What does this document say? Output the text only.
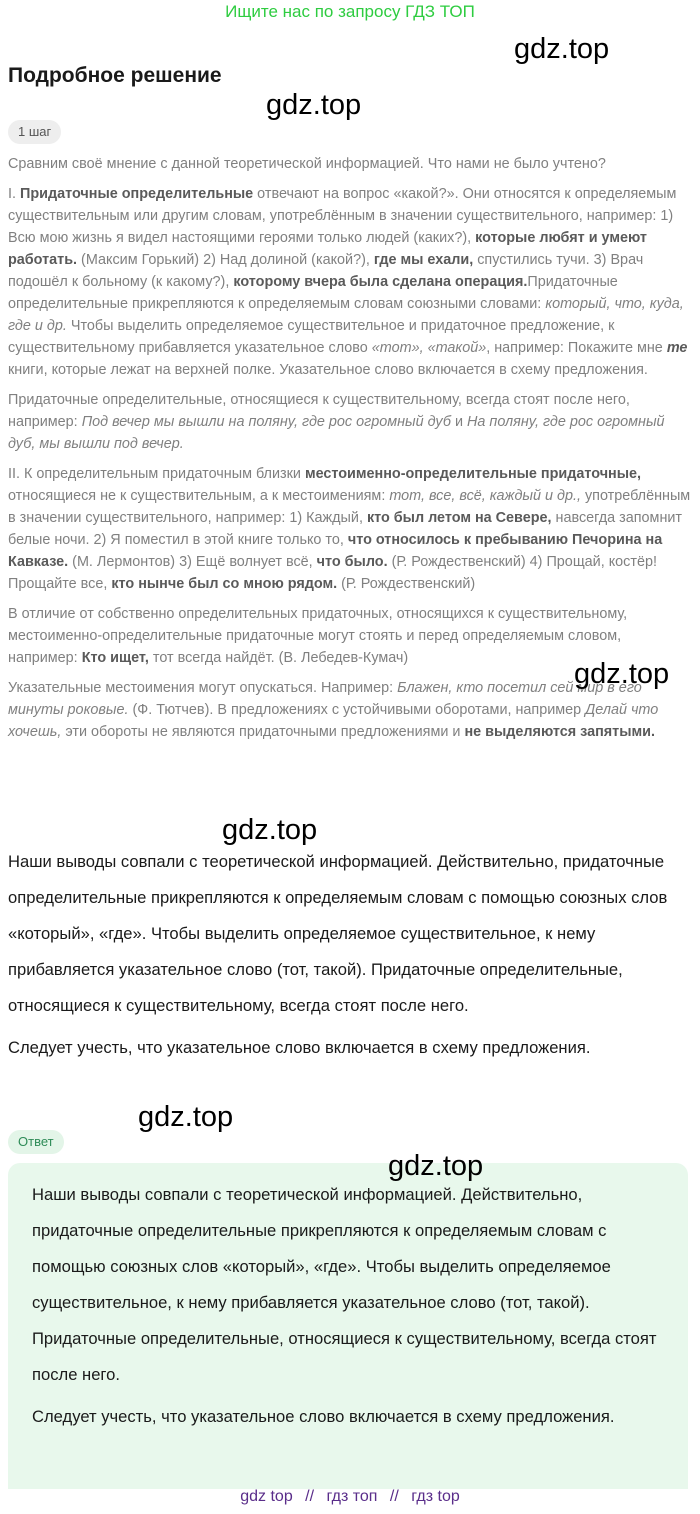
Ищите нас по запросу ГДЗ ТОП
gdz.top
Подробное решение
gdz.top
1 шаг

Сравним своё мнение с данной теоретической информацией. Что нами не было учтено?

I. Придаточные определительные отвечают на вопрос «какой?». Они относятся к определяемым существительным или другим словам, употреблённым в значении существительного, например: 1) Всю мою жизнь я видел настоящими героями только людей (каких?), которые любят и умеют работать. (Максим Горький) 2) Над долиной (какой?), где мы ехали, спустились тучи. 3) Врач подошёл к больному (к какому?), которому вчера была сделана операция.Придаточные определительные прикрепляются к определяемым словам союзными словами: который, что, куда, где и др. Чтобы выделить определяемое существительное и придаточное предложение, к существительному прибавляется указательное слово «тот», «такой», например: Покажите мне те книги, которые лежат на верхней полке. Указательное слово включается в схему предложения.

Придаточные определительные, относящиеся к существительному, всегда стоят после него, например: Под вечер мы вышли на поляну, где рос огромный дуб и На поляну, где рос огромный дуб, мы вышли под вечер.

II. К определительным придаточным близки местоименно-определительные придаточные, относящиеся не к существительным, а к местоимениям: тот, все, всё, каждый и др., употреблённым в значении существительного, например: 1) Каждый, кто был летом на Севере, навсегда запомнит белые ночи. 2) Я поместил в этой книге только то, что относилось к пребыванию Печорина на Кавказе. (М. Лермонтов) 3) Ещё волнует всё, что было. (Р. Рождественский) 4) Прощай, костёр! Прощайте все, кто нынче был со мною рядом. (Р. Рождественский)

В отличие от собственно определительных придаточных, относящихся к существительному, местоименно-определительные придаточные могут стоять и перед определяемым словом, например: Кто ищет, тот всегда найдёт. (В. Лебедев-Кумач)

Указательные местоимения могут опускаться. Например: Блажен, кто посетил сей мир в его минуты роковые. (Ф. Тютчев). В предложениях с устойчивыми оборотами, например Делай что хочешь, эти обороты не являются придаточными предложениями и не выделяются запятыми.

gdz.top
gdz.top

Наши выводы совпали с теоретической информацией. Действительно, придаточные определительные прикрепляются к определяемым словам с помощью союзных слов «который», «где». Чтобы выделить определяемое существительное, к нему прибавляется указательное слово (тот, такой). Придаточные определительные, относящиеся к существительному, всегда стоят после него.

Следует учесть, что указательное слово включается в схему предложения.

gdz.top
Ответ

Наши выводы совпали с теоретической информацией. Действительно, придаточные определительные прикрепляются к определяемым словам с помощью союзных слов «который», «где». Чтобы выделить определяемое существительное, к нему прибавляется указательное слово (тот, такой). Придаточные определительные, относящиеся к существительному, всегда стоят после него.

Следует учесть, что указательное слово включается в схему предложения.

gdz.top
gdz top // гдз топ // гдз top
